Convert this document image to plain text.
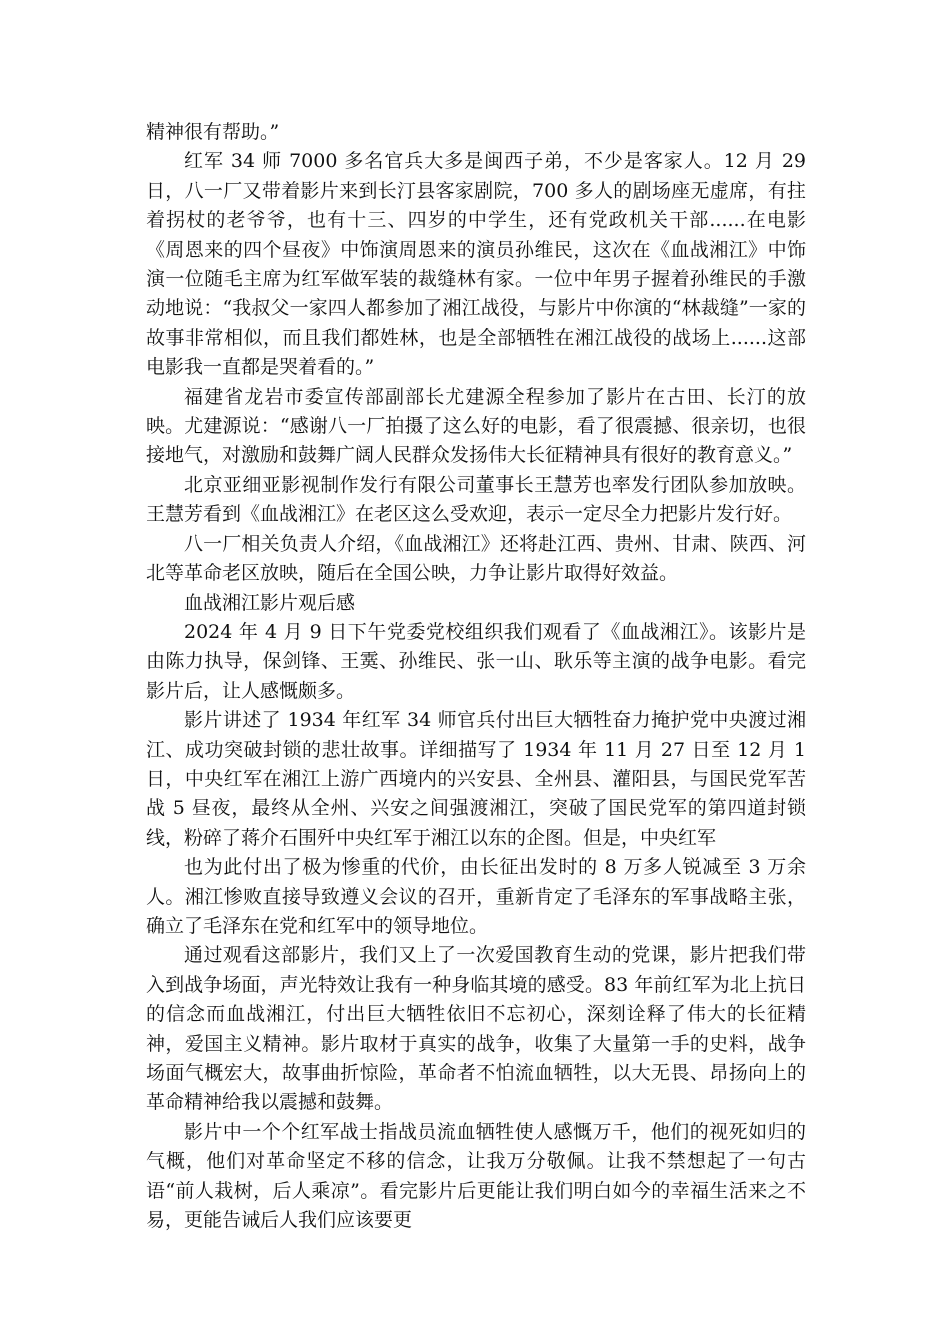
精神很有帮助。”

红军 34 师 7000 多名官兵大多是闽西子弟，不少是客家人。12 月 29 日，八一厂又带着影片来到长汀县客家剧院，700 多人的剧场座无虚席，有拄着拐杖的老爷爷，也有十三、四岁的中学生，还有党政机关干部......在电影《周恩来的四个昼夜》中饰演周恩来的演员孙维民，这次在《血战湘江》中饰演一位随毛主席为红军做军装的裁缝林有家。一位中年男子握着孙维民的手激动地说：“我叔父一家四人都参加了湘江战役，与影片中你演的“林裁缝”一家的故事非常相似，而且我们都姓林，也是全部牺牲在湘江战役的战场上......这部电影我一直都是哭着看的。”

福建省龙岩市委宣传部副部长尤建源全程参加了影片在古田、长汀的放映。尤建源说：“感谢八一厂拍摄了这么好的电影，看了很震撼、很亲切，也很接地气，对激励和鼓舞广阔人民群众发扬伟大长征精神具有很好的教育意义。”

北京亚细亚影视制作发行有限公司董事长王慧芳也率发行团队参加放映。王慧芳看到《血战湘江》在老区这么受欢迎，表示一定尽全力把影片发行好。

八一厂相关负责人介绍，《血战湘江》还将赴江西、贵州、甘肃、陕西、河北等革命老区放映，随后在全国公映，力争让影片取得好效益。

血战湘江影片观后感

2024 年 4 月 9 日下午党委党校组织我们观看了《血战湘江》。该影片是由陈力执导，保剑锋、王霙、孙维民、张一山、耿乐等主演的战争电影。看完影片后，让人感慨颇多。

影片讲述了 1934 年红军 34 师官兵付出巨大牺牲奋力掩护党中央渡过湘江、成功突破封锁的悲壮故事。详细描写了 1934 年 11 月 27 日至 12 月 1 日，中央红军在湘江上游广西境内的兴安县、全州县、灌阳县，与国民党军苦战 5 昼夜，最终从全州、兴安之间强渡湘江，突破了国民党军的第四道封锁线，粉碎了蒋介石围歼中央红军于湘江以东的企图。但是，中央红军

也为此付出了极为惨重的代价，由长征出发时的 8 万多人锐减至 3 万余人。湘江惨败直接导致遵义会议的召开，重新肯定了毛泽东的军事战略主张，确立了毛泽东在党和红军中的领导地位。

通过观看这部影片，我们又上了一次爱国教育生动的党课，影片把我们带入到战争场面，声光特效让我有一种身临其境的感受。83 年前红军为北上抗日的信念而血战湘江，付出巨大牺牲依旧不忘初心，深刻诠释了伟大的长征精神，爱国主义精神。影片取材于真实的战争，收集了大量第一手的史料，战争场面气概宏大，故事曲折惊险，革命者不怕流血牺牲，以大无畏、昂扬向上的革命精神给我以震撼和鼓舞。

影片中一个个红军战士指战员流血牺牲使人感慨万千，他们的视死如归的气概，他们对革命坚定不移的信念，让我万分敬佩。让我不禁想起了一句古语“前人栽树，后人乘凉”。看完影片后更能让我们明白如今的幸福生活来之不易，更能告诫后人我们应该要更
